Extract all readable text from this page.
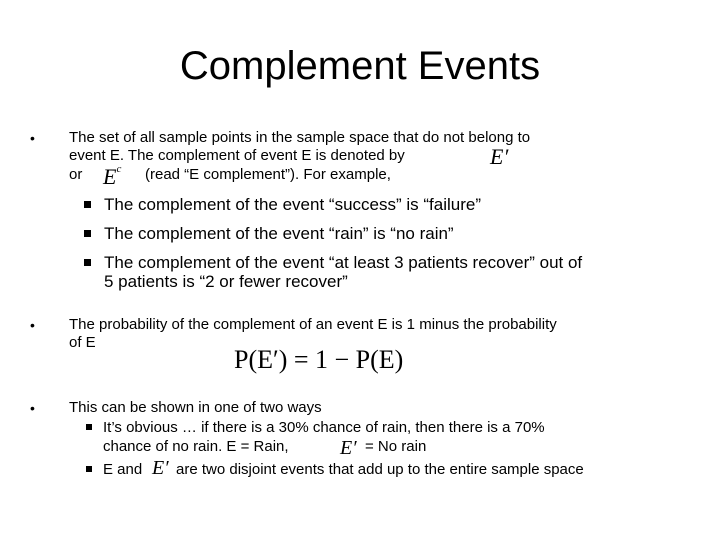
Complement Events
• The set of all sample points in the sample space that do not belong to
event E. The complement of event E is denoted by	E′
or $E^c$ (read “E complement”). For example,
The complement of the event “success” is “failure”
The complement of the event “rain” is “no rain”
The complement of the event “at least 3 patients recover” out of
5 patients is “2 or fewer recover”
• The probability of the complement of an event E is 1 minus the probability
of E
P(E′) = 1 − P(E)
• This can be shown in one of two ways
It’s obvious … if there is a 30% chance of rain, then there is a 70%
chance of no rain. E = Rain,	E′ = No rain
E and E′ are two disjoint events that add up to the entire sample space
